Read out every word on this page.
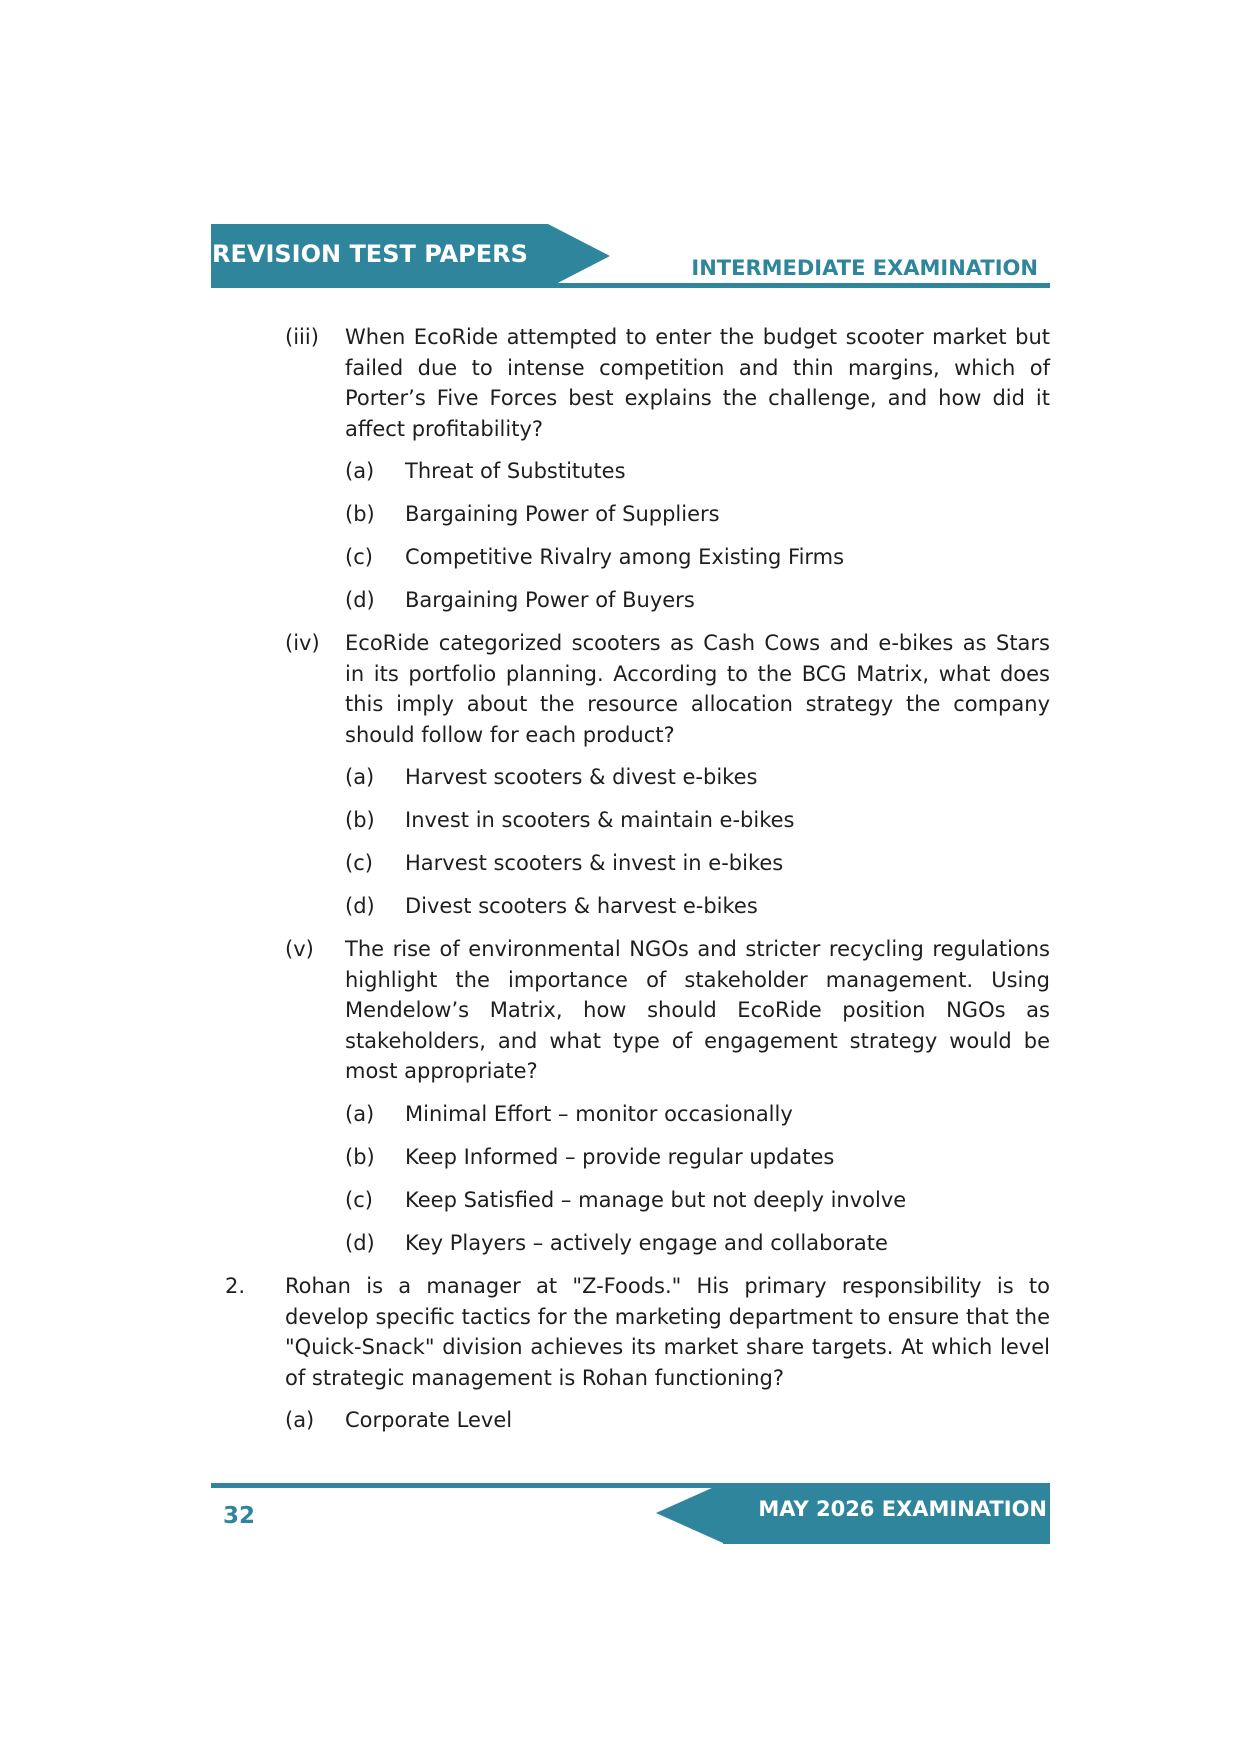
REVISION TEST PAPERS	INTERMEDIATE EXAMINATION
(iii) When EcoRide attempted to enter the budget scooter market but failed due to intense competition and thin margins, which of Porter’s Five Forces best explains the challenge, and how did it affect profitability?
(a) Threat of Substitutes
(b) Bargaining Power of Suppliers
(c) Competitive Rivalry among Existing Firms
(d) Bargaining Power of Buyers
(iv) EcoRide categorized scooters as Cash Cows and e-bikes as Stars in its portfolio planning. According to the BCG Matrix, what does this imply about the resource allocation strategy the company should follow for each product?
(a) Harvest scooters & divest e-bikes
(b) Invest in scooters & maintain e-bikes
(c) Harvest scooters & invest in e-bikes
(d) Divest scooters & harvest e-bikes
(v) The rise of environmental NGOs and stricter recycling regulations highlight the importance of stakeholder management. Using Mendelow’s Matrix, how should EcoRide position NGOs as stakeholders, and what type of engagement strategy would be most appropriate?
(a) Minimal Effort – monitor occasionally
(b) Keep Informed – provide regular updates
(c) Keep Satisfied – manage but not deeply involve
(d) Key Players – actively engage and collaborate
2. Rohan is a manager at "Z-Foods." His primary responsibility is to develop specific tactics for the marketing department to ensure that the "Quick-Snack" division achieves its market share targets. At which level of strategic management is Rohan functioning?
(a) Corporate Level
MAY 2026 EXAMINATION
32
